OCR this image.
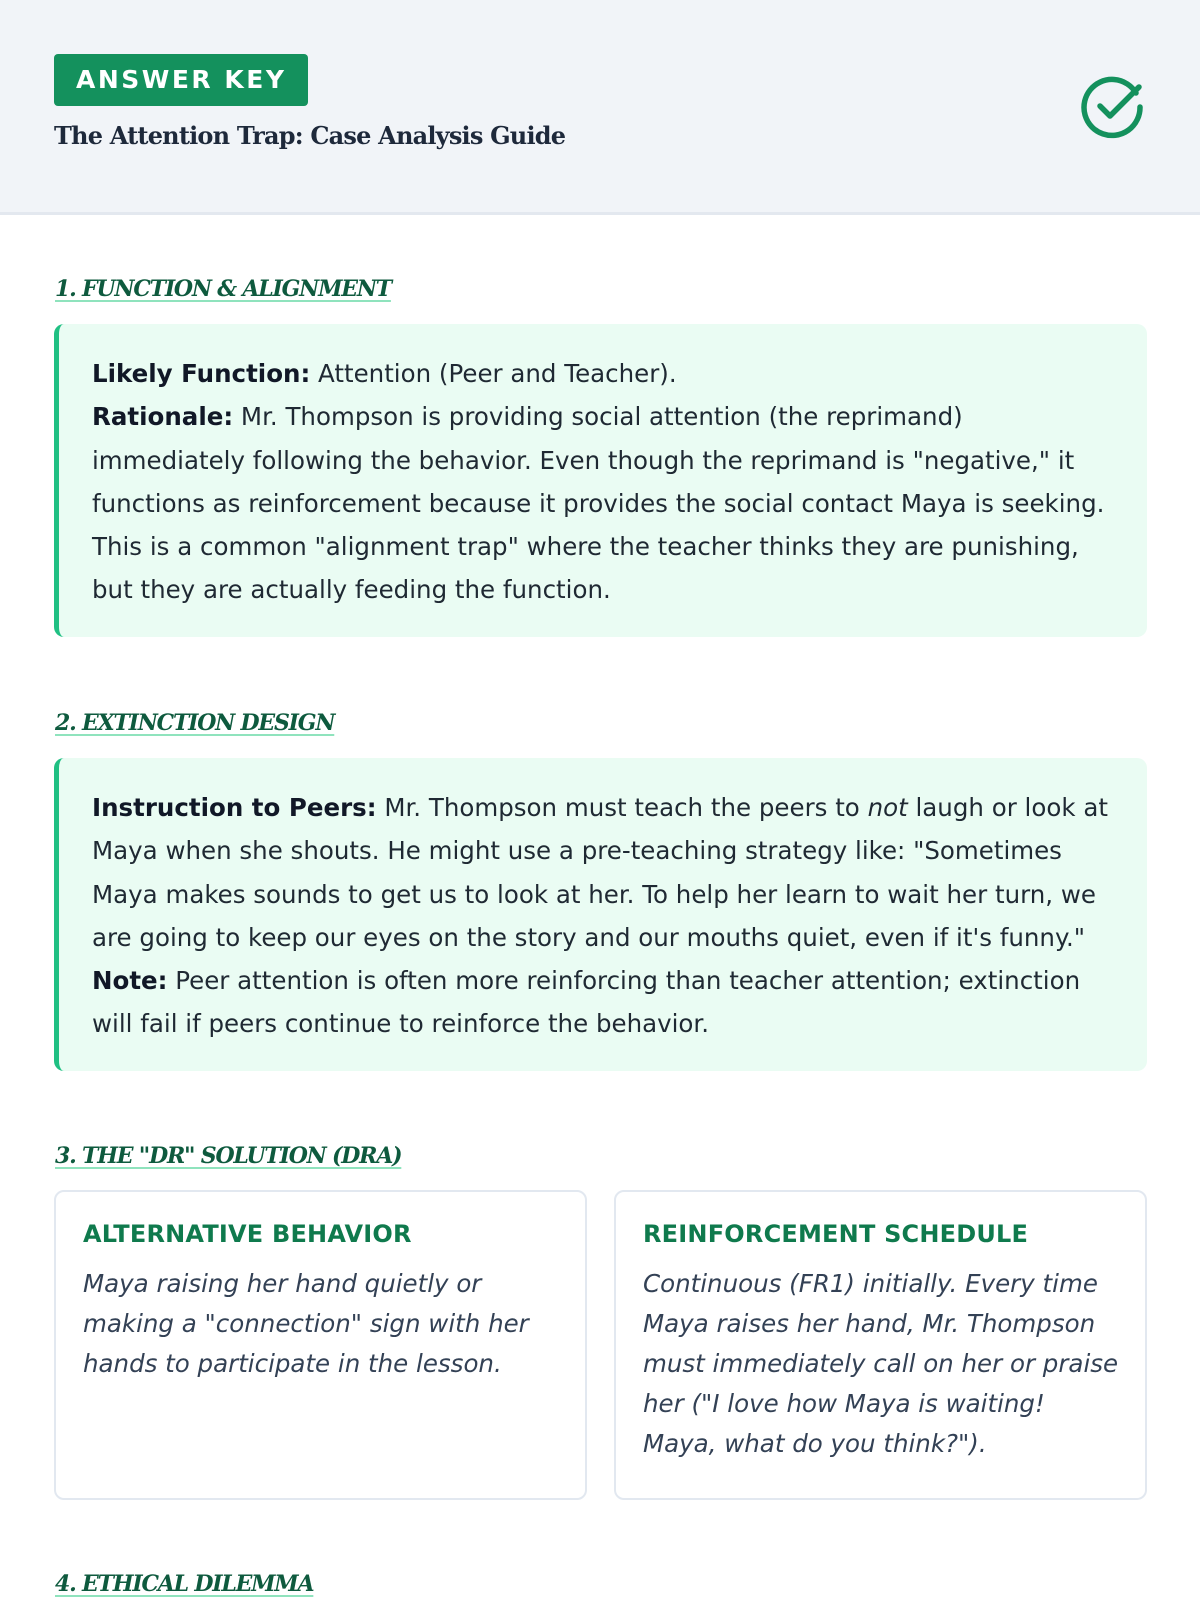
ANSWER KEY
The Attention Trap: Case Analysis Guide
1. FUNCTION & ALIGNMENT

Likely Function: Attention (Peer and Teacher).

Rationale: Mr. Thompson is providing social attention (the reprimand) immediately following the behavior. Even though the reprimand is "negative," it functions as reinforcement because it provides the social contact Maya is seeking. This is a common "alignment trap" where the teacher thinks they are punishing, but they are actually feeding the function.

2. EXTINCTION DESIGN

Instruction to Peers: Mr. Thompson must teach the peers to not laugh or look at Maya when she shouts. He might use a pre-teaching strategy like: "Sometimes Maya makes sounds to get us to look at her. To help her learn to wait her turn, we are going to keep our eyes on the story and our mouths quiet, even if it's funny."

Note: Peer attention is often more reinforcing than teacher attention; extinction will fail if peers continue to reinforce the behavior.

3. THE "DR" SOLUTION (DRA)
ALTERNATIVE BEHAVIOR

Maya raising her hand quietly or making a "connection" sign with her hands to participate in the lesson.

REINFORCEMENT SCHEDULE

Continuous (FR1) initially. Every time Maya raises her hand, Mr. Thompson must immediately call on her or praise her ("I love how Maya is waiting! Maya, what do you think?").

4. ETHICAL DILEMMA
